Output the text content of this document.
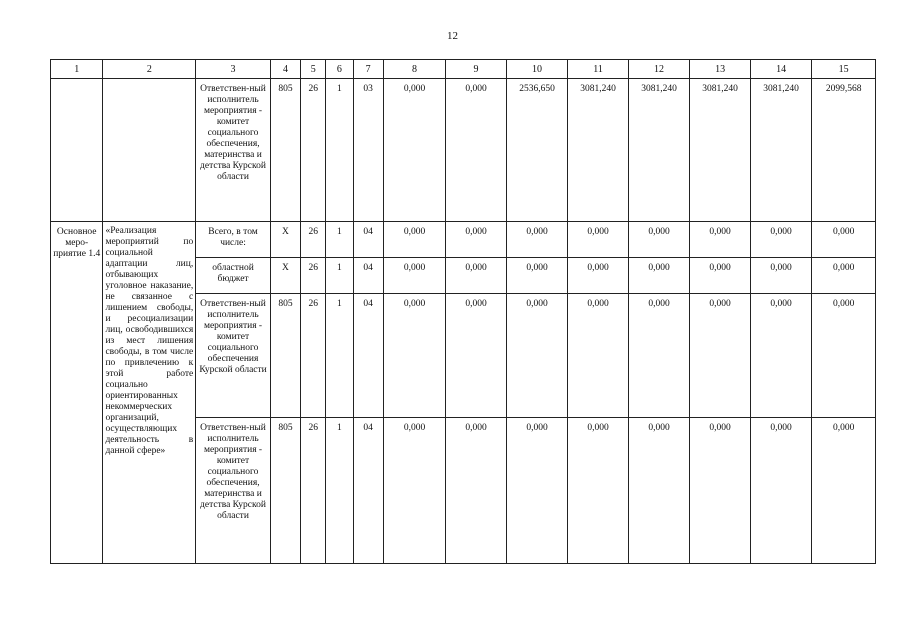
12
1	2	3	4	5	6	7	8	9	10	11	12	13	14	15
		Ответствен-ный исполнитель мероприятия - комитет социального обеспечения, материнства и детства Курской области	805	26	1	03	0,000	0,000	2536,650	3081,240	3081,240	3081,240	3081,240	2099,568
Основное меро-приятие 1.4	«Реализация мероприятий по социальной адаптации лиц, отбывающих уголовное наказание, не связанное с лишением свободы, и ресоциализации лиц, освободившихся из мест лишения свободы, в том числе по привлечению к этой работе социально ориентированных некоммерческих организаций, осуществляющих деятельность в данной сфере»	Всего, в том числе:	Х	26	1	04	0,000	0,000	0,000	0,000	0,000	0,000	0,000	0,000
		областной бюджет	Х	26	1	04	0,000	0,000	0,000	0,000	0,000	0,000	0,000	0,000
		Ответствен-ный исполнитель мероприятия - комитет социального обеспечения Курской области	805	26	1	04	0,000	0,000	0,000	0,000	0,000	0,000	0,000	0,000
		Ответствен-ный исполнитель мероприятия - комитет социального обеспечения, материнства и детства Курской области	805	26	1	04	0,000	0,000	0,000	0,000	0,000	0,000	0,000	0,000
